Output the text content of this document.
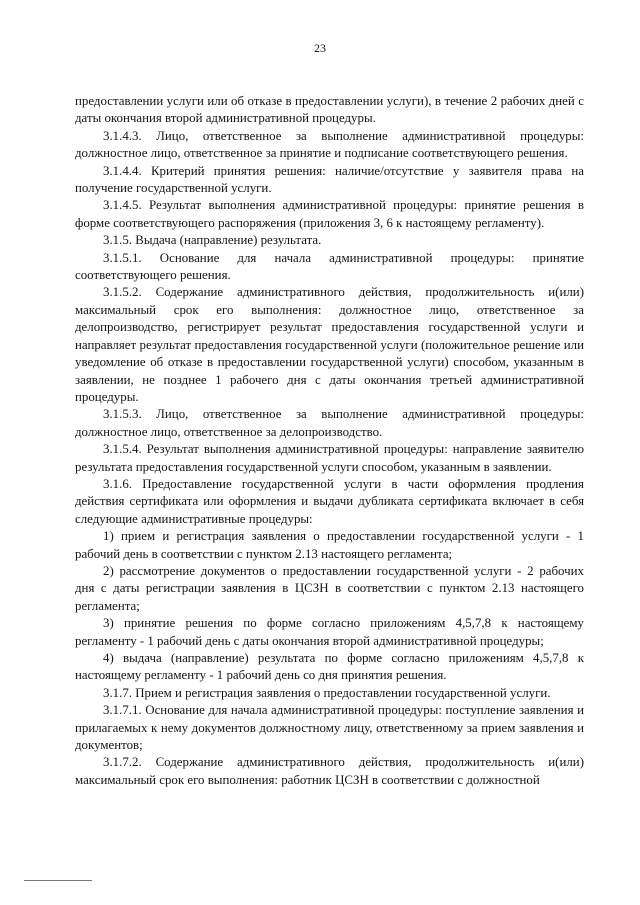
23

предоставлении услуги или об отказе в предоставлении услуги), в течение 2 рабочих дней с даты окончания второй административной процедуры.

3.1.4.3. Лицо, ответственное за выполнение административной процедуры: должностное лицо, ответственное за принятие и подписание соответствующего решения.

3.1.4.4. Критерий принятия решения: наличие/отсутствие у заявителя права на получение государственной услуги.

3.1.4.5. Результат выполнения административной процедуры: принятие решения в форме соответствующего распоряжения (приложения 3, 6 к настоящему регламенту).

3.1.5. Выдача (направление) результата.

3.1.5.1. Основание для начала административной процедуры: принятие соответствующего решения.

3.1.5.2. Содержание административного действия, продолжительность и(или) максимальный срок его выполнения: должностное лицо, ответственное за делопроизводство, регистрирует результат предоставления государственной услуги и направляет результат предоставления государственной услуги (положительное решение или уведомление об отказе в предоставлении государственной услуги) способом, указанным в заявлении, не позднее 1 рабочего дня с даты окончания третьей административной процедуры.

3.1.5.3. Лицо, ответственное за выполнение административной процедуры: должностное лицо, ответственное за делопроизводство.

3.1.5.4. Результат выполнения административной процедуры: направление заявителю результата предоставления государственной услуги способом, указанным в заявлении.

3.1.6. Предоставление государственной услуги в части оформления продления действия сертификата или оформления и выдачи дубликата сертификата включает в себя следующие административные процедуры:

1) прием и регистрация заявления о предоставлении государственной услуги - 1 рабочий день в соответствии с пунктом 2.13 настоящего регламента;

2) рассмотрение документов о предоставлении государственной услуги - 2 рабочих дня с даты регистрации заявления в ЦСЗН в соответствии с пунктом 2.13 настоящего регламента;

3) принятие решения по форме согласно приложениям 4,5,7,8 к настоящему регламенту - 1 рабочий день с даты окончания второй административной процедуры;

4) выдача (направление) результата по форме согласно приложениям 4,5,7,8 к настоящему регламенту - 1 рабочий день со дня принятия решения.

3.1.7. Прием и регистрация заявления о предоставлении государственной услуги.

3.1.7.1. Основание для начала административной процедуры: поступление заявления и прилагаемых к нему документов должностному лицу, ответственному за прием заявления и документов;

3.1.7.2. Содержание административного действия, продолжительность и(или) максимальный срок его выполнения: работник ЦСЗН в соответствии с должностной
